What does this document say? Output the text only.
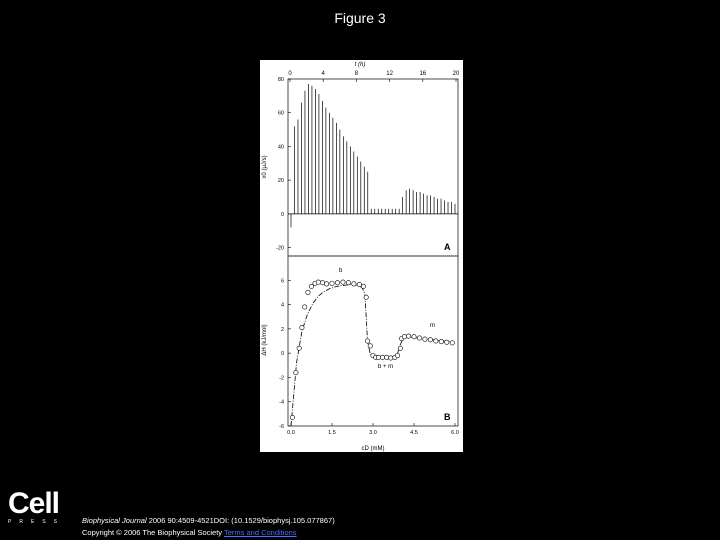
Figure 3
t (h)
x0 (μJ/s)
A
0	4	8	12	16	20
-20
0
20
40
60
80
cD (mM)
ΔH (kJ/mol)
B
b
m
b + m
0.0	1.5	3.0	4.5	6.0
-6
-4
-2
0
2
4
6
Cell
PRESS	Biophysical Journal 2006 90:4509-4521DOI: (10.1529/biophysj.105.077867)
Copyright © 2006 The Biophysical Society Terms and Conditions
